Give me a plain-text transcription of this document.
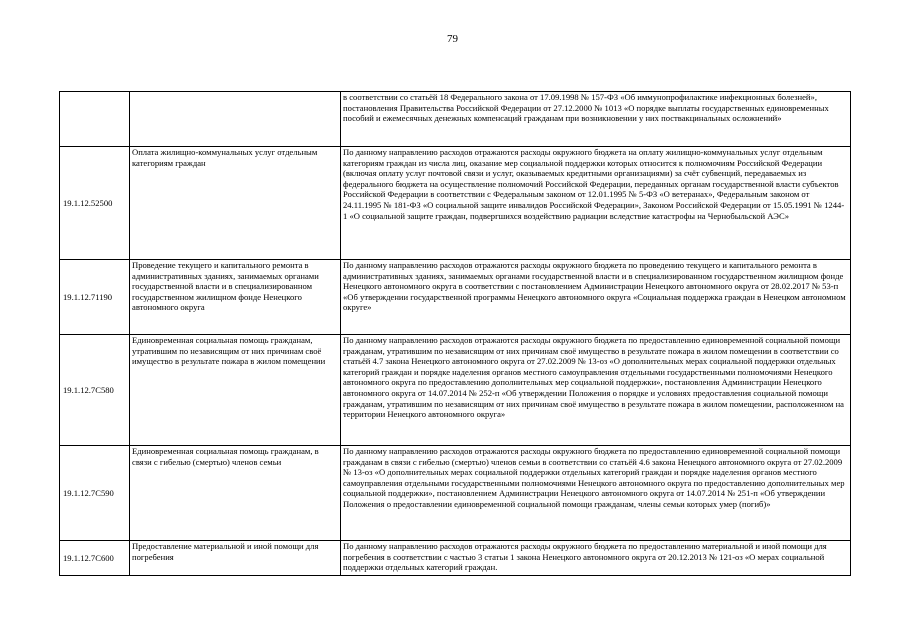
79
		в соответствии со статьёй 18 Федерального закона от 17.09.1998 № 157-ФЗ «Об иммунопрофилактике инфекционных болезней», постановления Правительства Российской Федерации от 27.12.2000 № 1013 «О порядке выплаты государственных единовременных пособий и ежемесячных денежных компенсаций гражданам при возникновении у них поствакцинальных осложнений»
19.1.12.52500	Оплата жилищно-коммунальных услуг отдельным категориям граждан	По данному направлению расходов отражаются расходы окружного бюджета на оплату жилищно-коммунальных услуг отдельным категориям граждан из числа лиц, оказание мер социальной поддержки которых относится к полномочиям Российской Федерации (включая оплату услуг почтовой связи и услуг, оказываемых кредитными организациями) за счёт субвенций, передаваемых из федерального бюджета на осуществление полномочий Российской Федерации, переданных органам государственной власти субъектов Российской Федерации в соответствии с Федеральным законом от 12.01.1995 № 5-ФЗ «О ветеранах», Федеральным законом от 24.11.1995 № 181-ФЗ «О социальной защите инвалидов Российской Федерации», Законом Российской Федерации от 15.05.1991 № 1244-1 «О социальной защите граждан, подвергшихся воздействию радиации вследствие катастрофы на Чернобыльской АЭС»
19.1.12.71190	Проведение текущего и капитального ремонта в административных зданиях, занимаемых органами государственной власти и в специализированном государственном жилищном фонде Ненецкого автономного округа	По данному направлению расходов отражаются расходы окружного бюджета по проведению текущего и капитального ремонта в административных зданиях, занимаемых органами государственной власти и в специализированном государственном жилищном фонде Ненецкого автономного округа в соответствии с постановлением Администрации Ненецкого автономного округа от 28.02.2017 № 53-п «Об утверждении государственной программы Ненецкого автономного округа «Социальная поддержка граждан в Ненецком автономном округе»
19.1.12.7С580	Единовременная социальная помощь гражданам, утратившим по независящим от них причинам своё имущество в результате пожара в жилом помещении	По данному направлению расходов отражаются расходы окружного бюджета по предоставлению единовременной социальной помощи гражданам, утратившим по независящим от них причинам своё имущество в результате пожара в жилом помещении в соответствии со статьёй 4.7 закона Ненецкого автономного округа от 27.02.2009 № 13-оз «О дополнительных мерах социальной поддержки отдельных категорий граждан и порядке наделения органов местного самоуправления отдельными государственными полномочиями Ненецкого автономного округа по предоставлению дополнительных мер социальной поддержки», постановления Администрации Ненецкого автономного округа от 14.07.2014 № 252-п «Об утверждении Положения о порядке и условиях предоставления социальной помощи гражданам, утратившим по независящим от них причинам своё имущество в результате пожара в жилом помещении, расположенном на территории Ненецкого автономного округа»
19.1.12.7С590	Единовременная социальная помощь гражданам, в связи с гибелью (смертью) членов семьи	По данному направлению расходов отражаются расходы окружного бюджета по предоставлению единовременной социальной помощи гражданам в связи с гибелью (смертью) членов семьи в соответствии со статьёй 4.6 закона Ненецкого автономного округа от 27.02.2009 № 13-оз «О дополнительных мерах социальной поддержки отдельных категорий граждан и порядке наделения органов местного самоуправления отдельными государственными полномочиями Ненецкого автономного округа по предоставлению дополнительных мер социальной поддержки», постановлением Администрации Ненецкого автономного округа от 14.07.2014 № 251-п «Об утверждении Положения о предоставлении единовременной социальной помощи гражданам, члены семьи которых умер (погиб)»
19.1.12.7С600	Предоставление материальной и иной помощи для погребения	По данному направлению расходов отражаются расходы окружного бюджета по предоставлению материальной и иной помощи для погребения в соответствии с частью 3 статьи 1 закона Ненецкого автономного округа от 20.12.2013 № 121-оз «О мерах социальной поддержки отдельных категорий граждан.
